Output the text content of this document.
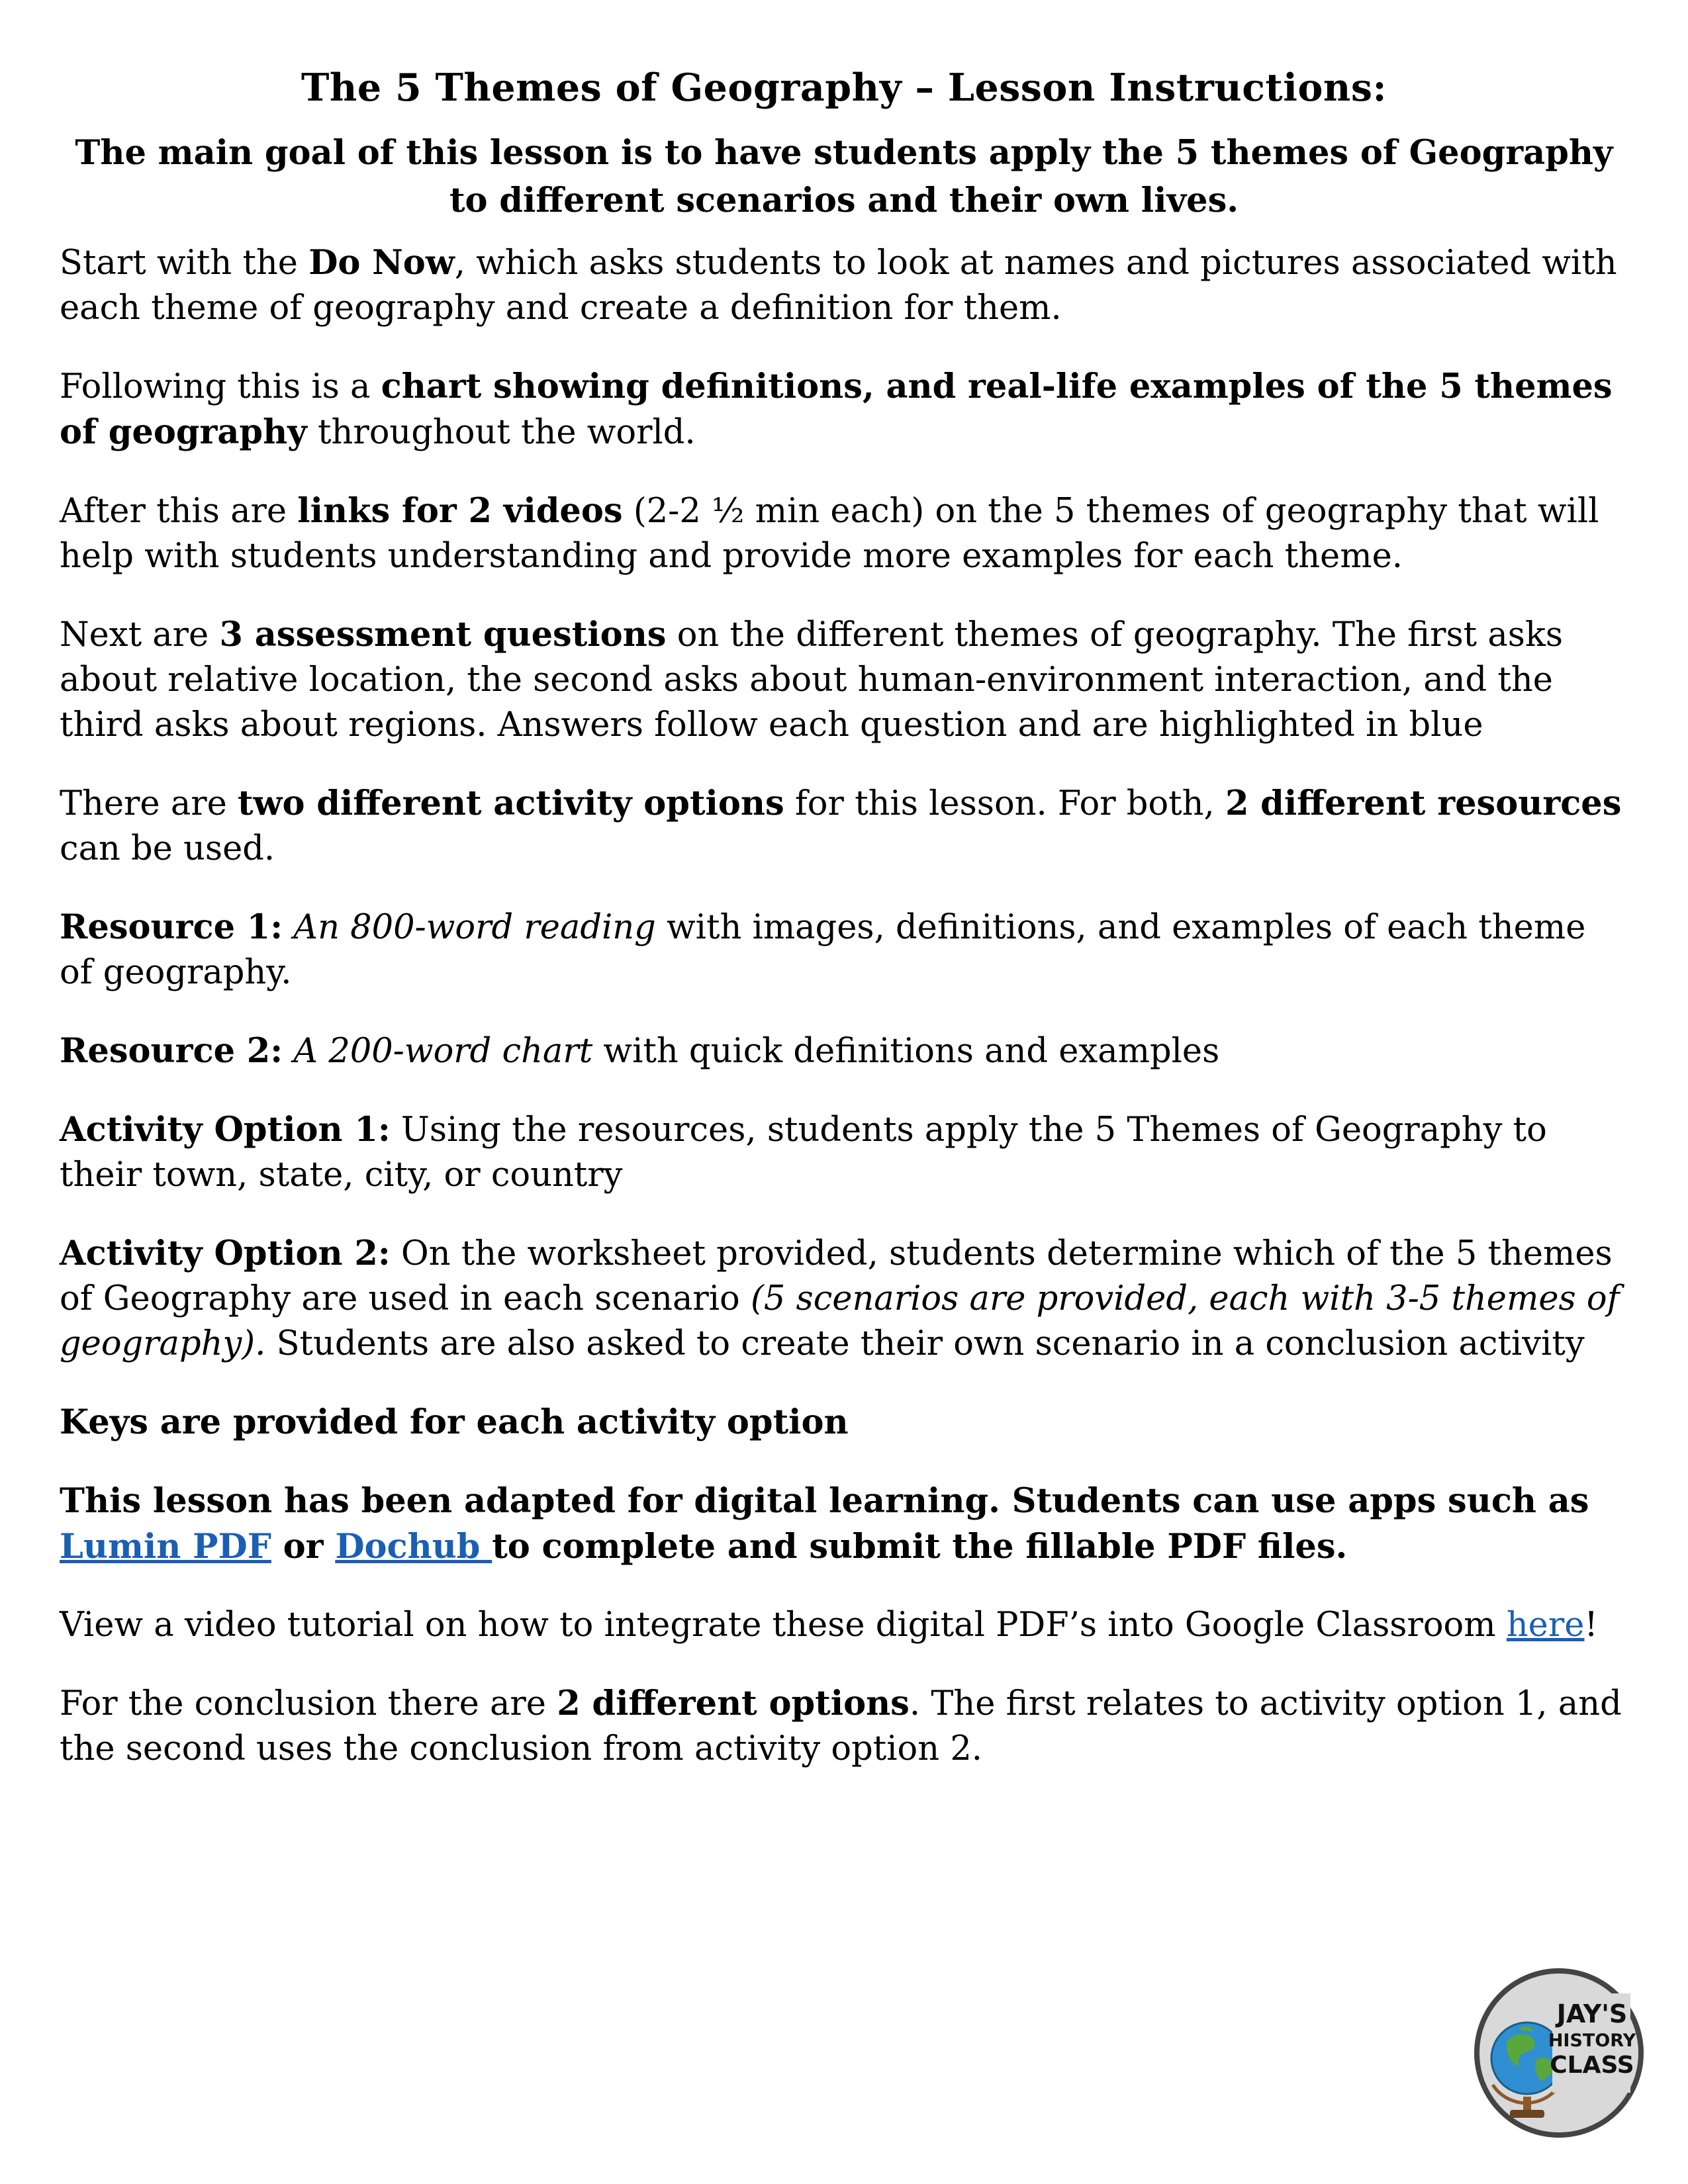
The 5 Themes of Geography – Lesson Instructions:
The main goal of this lesson is to have students apply the 5 themes of Geography to different scenarios and their own lives.

Start with the Do Now, which asks students to look at names and pictures associated with each theme of geography and create a definition for them.

Following this is a chart showing definitions, and real-life examples of the 5 themes of geography throughout the world.

After this are links for 2 videos (2-2 ½ min each) on the 5 themes of geography that will help with students understanding and provide more examples for each theme.

Next are 3 assessment questions on the different themes of geography. The first asks about relative location, the second asks about human-environment interaction, and the third asks about regions. Answers follow each question and are highlighted in blue

There are two different activity options for this lesson. For both, 2 different resources can be used.

Resource 1: An 800-word reading with images, definitions, and examples of each theme of geography.

Resource 2: A 200-word chart with quick definitions and examples

Activity Option 1: Using the resources, students apply the 5 Themes of Geography to their town, state, city, or country

Activity Option 2: On the worksheet provided, students determine which of the 5 themes of Geography are used in each scenario (5 scenarios are provided, each with 3-5 themes of geography). Students are also asked to create their own scenario in a conclusion activity

Keys are provided for each activity option

This lesson has been adapted for digital learning. Students can use apps such as Lumin PDF or Dochub to complete and submit the fillable PDF files.

View a video tutorial on how to integrate these digital PDF’s into Google Classroom here!

For the conclusion there are 2 different options. The first relates to activity option 1, and the second uses the conclusion from activity option 2.

JAY'S
HISTORY
CLASS
